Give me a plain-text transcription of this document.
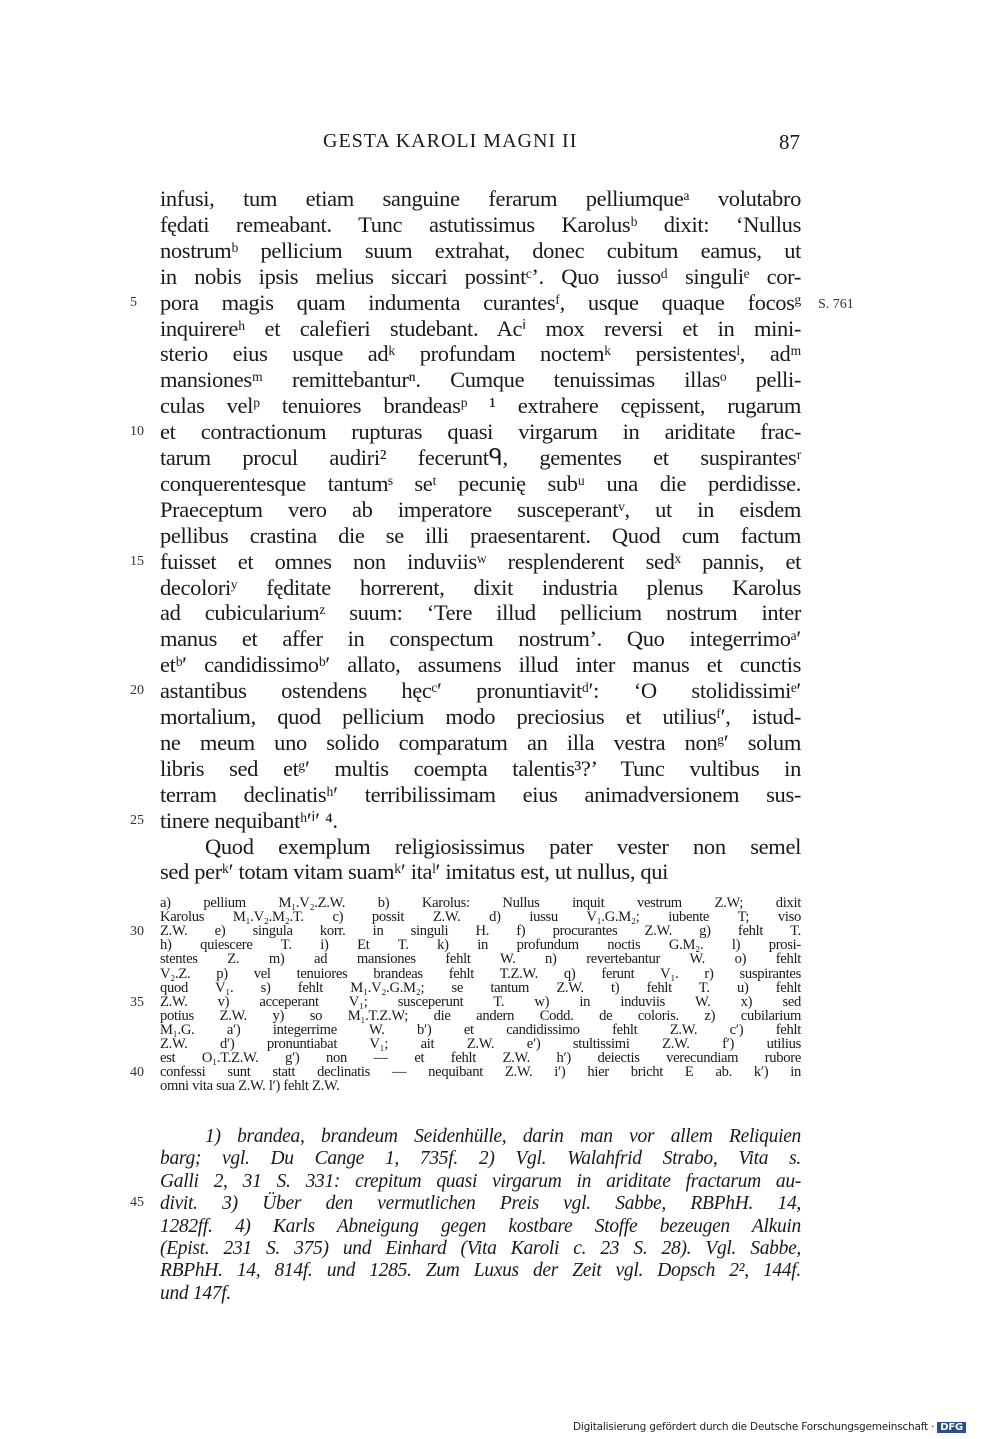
GESTA KAROLI MAGNI II	87
infusi, tum etiam sanguine ferarum pelliumqueᵃ volutabro
fędati remeabant. Tunc astutissimus Karolusᵇ dixit: ‘Nullus
nostrumᵇ pellicium suum extrahat, donec cubitum eamus, ut
in nobis ipsis melius siccari possintᶜ’. Quo iussoᵈ singuliᵉ cor-
pora magis quam indumenta curantesᶠ, usque quaque focosᵍ
5
inquirereʰ et calefieri studebant. Acⁱ mox reversi et in mini-
sterio eius usque adᵏ profundam noctemᵏ persistentesˡ, adᵐ
mansionesᵐ remittebanturⁿ. Cumque tenuissimas illasᵒ pelli-
culas velᵖ tenuiores brandeasᵖ ¹ extrahere cępissent, rugarum
et contractionum rupturas quasi virgarum in ariditate frac-
10
tarum procul audiri² feceruntᑫ, gementes et suspirantesʳ
conquerentesque tantumˢ seᵗ pecunię subᵘ una die perdidisse.
Praeceptum vero ab imperatore susceperantᵛ, ut in eisdem
pellibus crastina die se illi praesentarent. Quod cum factum
fuisset et omnes non induviisʷ resplenderent sedˣ pannis, et
15
decoloriʸ fęditate horrerent, dixit industria plenus Karolus
ad cubiculariumᶻ suum: ‘Tere illud pellicium nostrum inter
manus et affer in conspectum nostrum’. Quo integerrimoᵃ′
etᵇ′ candidissimoᵇ′ allato, assumens illud inter manus et cunctis
astantibus ostendens hęcᶜ′ pronuntiavitᵈ′: ‘O stolidissimiᵉ′
20
mortalium, quod pellicium modo preciosius et utiliusᶠ′, istud-
ne meum uno solido comparatum an illa vestra nonᵍ′ solum
libris sed etᵍ′ multis coempta talentis³?’ Tunc vultibus in
terram declinatisʰ′ terribilissimam eius animadversionem sus-
tinere nequibantʰ′ⁱ′ ⁴.
25
Quod exemplum religiosissimus pater vester non semel
sed perᵏ′ totam vitam suamᵏ′ itaˡ′ imitatus est, ut nullus, qui
S. 761
a) pellium M₁.V₂.Z.W. b) Karolus: Nullus inquit vestrum Z.W; dixit
Karolus M₁.V₂.M₂.T. c) possit Z.W. d) iussu V₁.G.M₂; iubente T; viso
Z.W. e) singula korr. in singuli H. f) procurantes Z.W. g) fehlt T.
30
h) quiescere T. i) Et T. k) in profundum noctis G.M₂. l) prosi-
stentes Z. m) ad mansiones fehlt W. n) revertebantur W. o) fehlt
V₂.Z. p) vel tenuiores brandeas fehlt T.Z.W. q) ferunt V₁. r) suspirantes
quod V₁. s) fehlt M₁.V₂.G.M₂; se tantum Z.W. t) fehlt T. u) fehlt
Z.W. v) acceperant V₁; susceperunt T. w) in induviis W. x) sed
35
potius Z.W. y) so M₁.T.Z.W; die andern Codd. de coloris. z) cubilarium
M₁.G. a′) integerrime W. b′) et candidissimo fehlt Z.W. c′) fehlt
Z.W. d′) pronuntiabat V₁; ait Z.W. e′) stultissimi Z.W. f′) utilius
est O₁.T.Z.W. g′) non — et fehlt Z.W. h′) deiectis verecundiam rubore
confessi sunt statt declinatis — nequibant Z.W. i′) hier bricht E ab. k′) in
40
omni vita sua Z.W. l′) fehlt Z.W.
1) brandea, brandeum Seidenhülle, darin man vor allem Reliquien
barg; vgl. Du Cange 1, 735f. 2) Vgl. Walahfrid Strabo, Vita s.
Galli 2, 31 S. 331: crepitum quasi virgarum in ariditate fractarum au-
divit. 3) Über den vermutlichen Preis vgl. Sabbe, RBPhH. 14,
45
1282ff. 4) Karls Abneigung gegen kostbare Stoffe bezeugen Alkuin
(Epist. 231 S. 375) und Einhard (Vita Karoli c. 23 S. 28). Vgl. Sabbe,
RBPhH. 14, 814f. und 1285. Zum Luxus der Zeit vgl. Dopsch 2², 144f.
und 147f.
Digitalisierung gefördert durch die Deutsche Forschungsgemeinschaft · DFG
